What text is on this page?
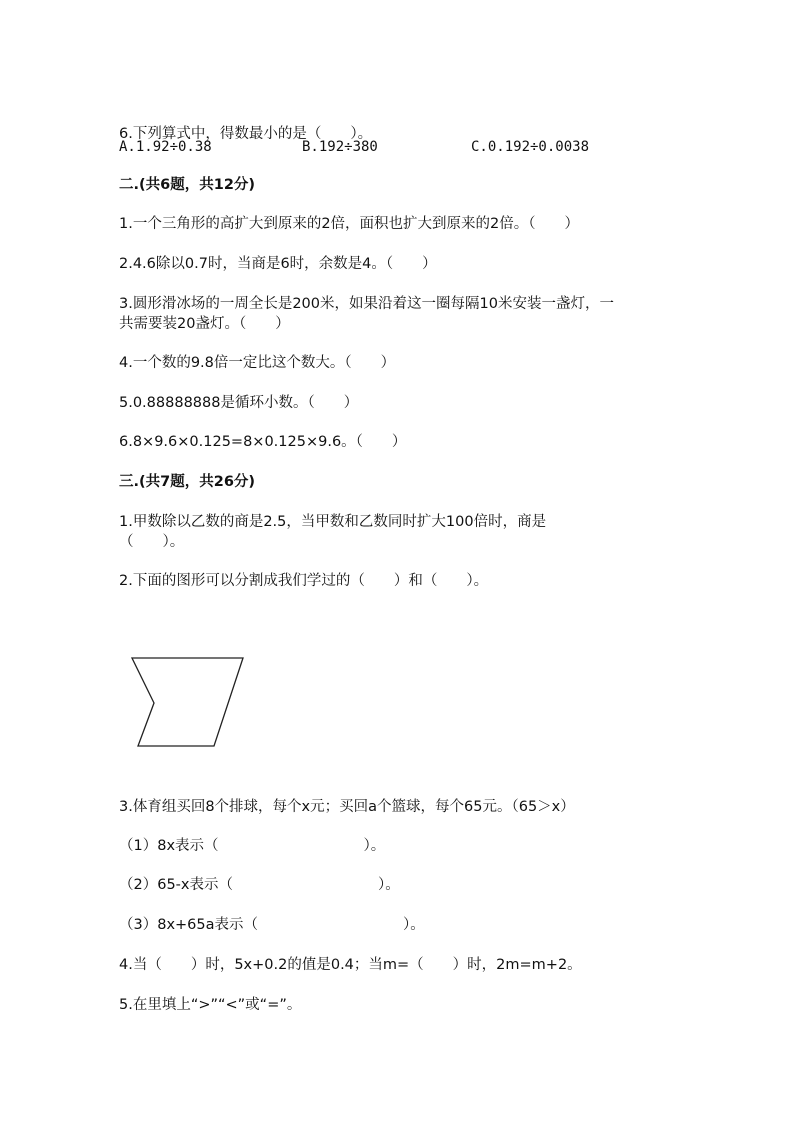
6.下列算式中，得数最小的是（　　）。
A.1.92÷0.38	B.192÷380	C.0.192÷0.0038
二.(共6题，共12分)
1.一个三角形的高扩大到原来的2倍，面积也扩大到原来的2倍。（　　）
2.4.6除以0.7时，当商是6时，余数是4。（　　）
3.圆形滑冰场的一周全长是200米，如果沿着这一圈每隔10米安装一盏灯，一
共需要装20盏灯。（　　）
4.一个数的9.8倍一定比这个数大。（　　）
5.0.88888888是循环小数。（　　）
6.8×9.6×0.125=8×0.125×9.6。（　　）
三.(共7题，共26分)
1.甲数除以乙数的商是2.5，当甲数和乙数同时扩大100倍时，商是
（　　）。
2.下面的图形可以分割成我们学过的（　　）和（　　）。
3.体育组买回8个排球，每个x元；买回a个篮球，每个65元。（65＞x）
（1）8x表示（　　　　　　　　　　）。
（2）65-x表示（　　　　　　　　　　）。
（3）8x+65a表示（　　　　　　　　　　）。
4.当（　　）时，5x+0.2的值是0.4；当m=（　　）时，2m=m+2。
5.在里填上“>”“<”或“=”。
